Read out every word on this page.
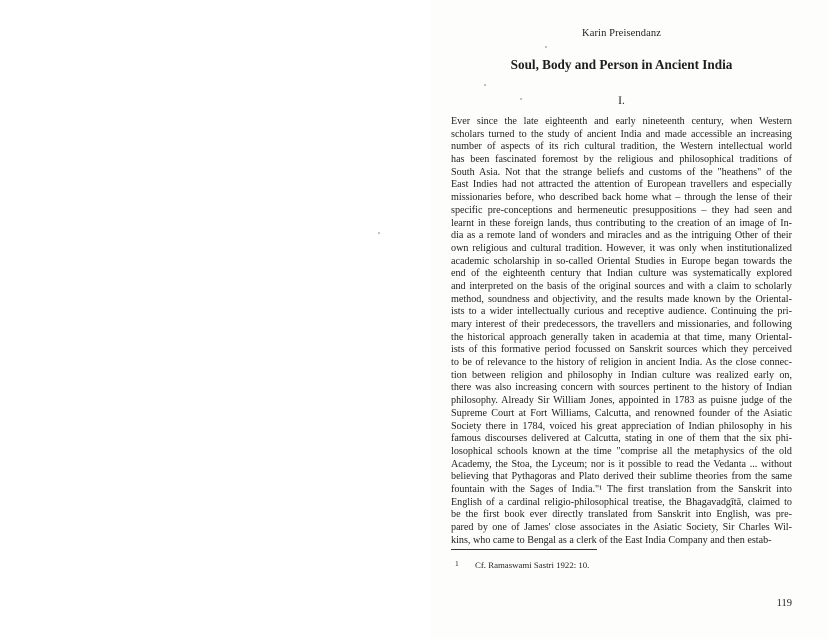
Karin Preisendanz
Soul, Body and Person in Ancient India
I.
Ever since the late eighteenth and early nineteenth century, when Western
scholars turned to the study of ancient India and made accessible an increasing
number of aspects of its rich cultural tradition, the Western intellectual world
has been fascinated foremost by the religious and philosophical traditions of
South Asia. Not that the strange beliefs and customs of the "heathens" of the
East Indies had not attracted the attention of European travellers and especially
missionaries before, who described back home what – through the lense of their
specific pre-conceptions and hermeneutic presuppositions – they had seen and
learnt in these foreign lands, thus contributing to the creation of an image of In-
dia as a remote land of wonders and miracles and as the intriguing Other of their
own religious and cultural tradition. However, it was only when institutionalized
academic scholarship in so-called Oriental Studies in Europe began towards the
end of the eighteenth century that Indian culture was systematically explored
and interpreted on the basis of the original sources and with a claim to scholarly
method, soundness and objectivity, and the results made known by the Oriental-
ists to a wider intellectually curious and receptive audience. Continuing the pri-
mary interest of their predecessors, the travellers and missionaries, and following
the historical approach generally taken in academia at that time, many Oriental-
ists of this formative period focussed on Sanskrit sources which they perceived
to be of relevance to the history of religion in ancient India. As the close connec-
tion between religion and philosophy in Indian culture was realized early on,
there was also increasing concern with sources pertinent to the history of Indian
philosophy. Already Sir William Jones, appointed in 1783 as puisne judge of the
Supreme Court at Fort Williams, Calcutta, and renowned founder of the Asiatic
Society there in 1784, voiced his great appreciation of Indian philosophy in his
famous discourses delivered at Calcutta, stating in one of them that the six phi-
losophical schools known at the time "comprise all the metaphysics of the old
Academy, the Stoa, the Lyceum; nor is it possible to read the Vedanta ... without
believing that Pythagoras and Plato derived their sublime theories from the same
fountain with the Sages of India."¹ The first translation from the Sanskrit into
English of a cardinal religio-philosophical treatise, the Bhagavadgītā, claimed to
be the first book ever directly translated from Sanskrit into English, was pre-
pared by one of James' close associates in the Asiatic Society, Sir Charles Wil-
kins, who came to Bengal as a clerk of the East India Company and then estab-
1 Cf. Ramaswami Sastri 1922: 10.
119
